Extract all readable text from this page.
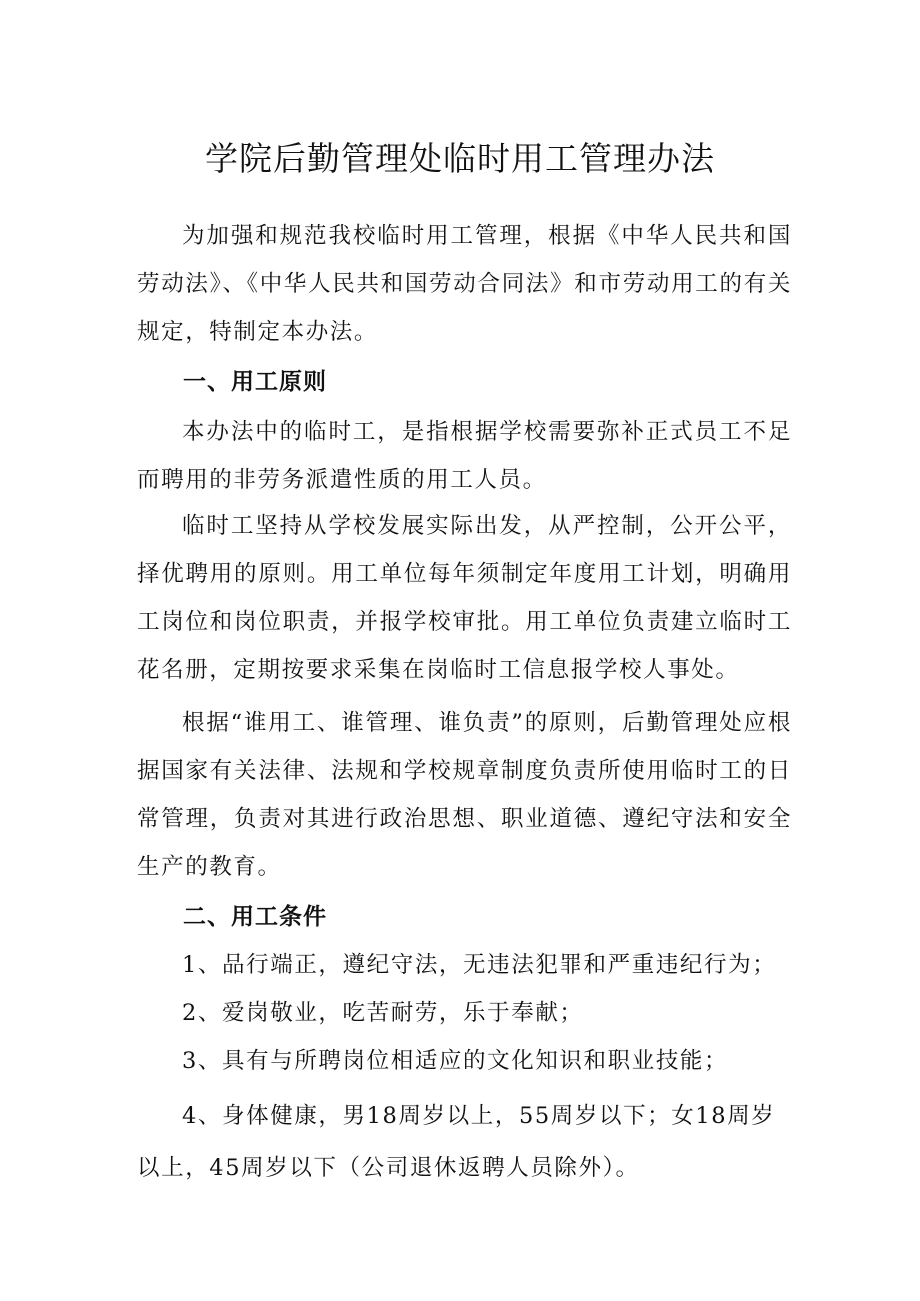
学院后勤管理处临时用工管理办法

为加强和规范我校临时用工管理，根据《中华人民共和国劳动法》、《中华人民共和国劳动合同法》和市劳动用工的有关规定，特制定本办法。

一、用工原则

本办法中的临时工，是指根据学校需要弥补正式员工不足而聘用的非劳务派遣性质的用工人员。

临时工坚持从学校发展实际出发，从严控制，公开公平，择优聘用的原则。用工单位每年须制定年度用工计划，明确用工岗位和岗位职责，并报学校审批。用工单位负责建立临时工花名册，定期按要求采集在岗临时工信息报学校人事处。

根据“谁用工、谁管理、谁负责”的原则，后勤管理处应根据国家有关法律、法规和学校规章制度负责所使用临时工的日常管理，负责对其进行政治思想、职业道德、遵纪守法和安全生产的教育。

二、用工条件

1、品行端正，遵纪守法，无违法犯罪和严重违纪行为；

2、爱岗敬业，吃苦耐劳，乐于奉献；

3、具有与所聘岗位相适应的文化知识和职业技能；

4、身体健康，男18周岁以上，55周岁以下；女18周岁以上，45周岁以下（公司退休返聘人员除外）。
